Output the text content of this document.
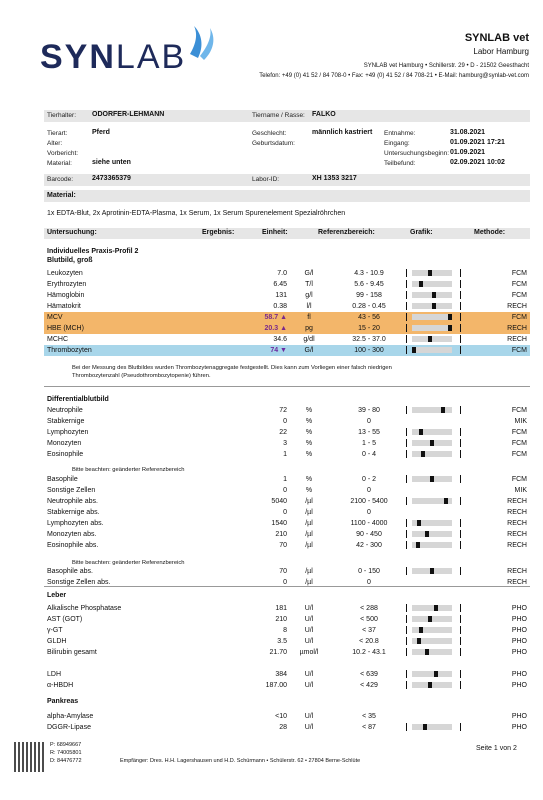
SYNLAB	SYNLAB vet
Labor Hamburg
SYNLAB vet Hamburg • Schillerstr. 29 • D - 21502 Geesthacht
Telefon: +49 (0) 41 52 / 84 708-0 • Fax: +49 (0) 41 52 / 84 708-21 • E-Mail: hamburg@synlab-vet.com
Tierhalter: ODORFER-LEHMANN	Tiername / Rasse: FALKO
Tierart:	Pferd
Alter:
Vorbericht:
Material:	siehe unten
Geschlecht:	männlich kastriert
Geburtsdatum:
Entnahme:	31.08.2021
Eingang:	01.09.2021 17:21
Untersuchungsbeginn: 01.09.2021
Teilbefund:	02.09.2021 10:02
Barcode:	2473365379	Labor-ID:	XH 1353 3217
Material:
1x EDTA-Blut, 2x Aprotinin-EDTA-Plasma, 1x Serum, 1x Serum Spurenelement Spezialröhrchen
Untersuchung:	Ergebnis:	Einheit:	Referenzbereich:	Grafik:	Methode:
Individuelles Praxis-Profil 2
Blutbild, groß
Leukozyten	7.0	G/l	4.3 - 10.9	FCM
Erythrozyten	6.45	T/l	5.6 - 9.45	FCM
Hämoglobin	131	g/l	99 - 158	FCM
Hämatokrit	0.38	l/l	0.28 - 0.45	RECH
MCV	58.7 ▲	fl	43 - 56	FCM
HBE (MCH)	20.3 ▲	pg	15 - 20	RECH
MCHC	34.6	g/dl	32.5 - 37.0	RECH
Thrombozyten	74 ▼	G/l	100 - 300	FCM
Neutrophile	72	%	39 - 80	FCM
Stabkernige	0	%	0	MIK
Lymphozyten	22	%	13 - 55	FCM
Monozyten	3	%	1 - 5	FCM
Eosinophile	1	%	0 - 4	FCM
Basophile	1	%	0 - 2	FCM
Sonstige Zellen	0	%	0	MIK
Neutrophile abs.	5040	/µl	2100 - 5400	RECH
Stabkernige abs.	0	/µl	0	RECH
Lymphozyten abs.	1540	/µl	1100 - 4000	RECH
Monozyten abs.	210	/µl	90 - 450	RECH
Eosinophile abs.	70	/µl	42 - 300	RECH
Basophile abs.	70	/µl	0 - 150	RECH
Sonstige Zellen abs.	0	/µl	0	RECH
Alkalische Phosphatase	181	U/l	< 288	PHO
AST (GOT)	210	U/l	< 500	PHO
γ-GT	8	U/l	< 37	PHO
GLDH	3.5	U/l	< 20.8	PHO
Bilirubin gesamt	21.70	µmol/l	10.2 - 43.1	PHO
LDH	384	U/l	< 639	PHO
α-HBDH	187.00	U/l	< 429	PHO
alpha-Amylase	<10	U/l	< 35	PHO
DGGR-Lipase	28	U/l	< 87	PHO
Bei der Messung des Blutbildes wurden Thrombozytenaggregate festgestellt. Dies kann zum Vorliegen einer falsch niedrigen
Thrombozytenzahl (Pseudothrombozytopenie) führen.
Differentialblutbild
Bitte beachten: geänderter Referenzbereich
Bitte beachten: geänderter Referenzbereich
Leber
Pankreas
P: 68949667
R: 74005801
D: 84476772	Empfänger: Dres. H.H. Lagershausen und H.D. Schürmann • Schülerstr. 62 • 27804 Berne-Schlüte
Seite 1 von 2
